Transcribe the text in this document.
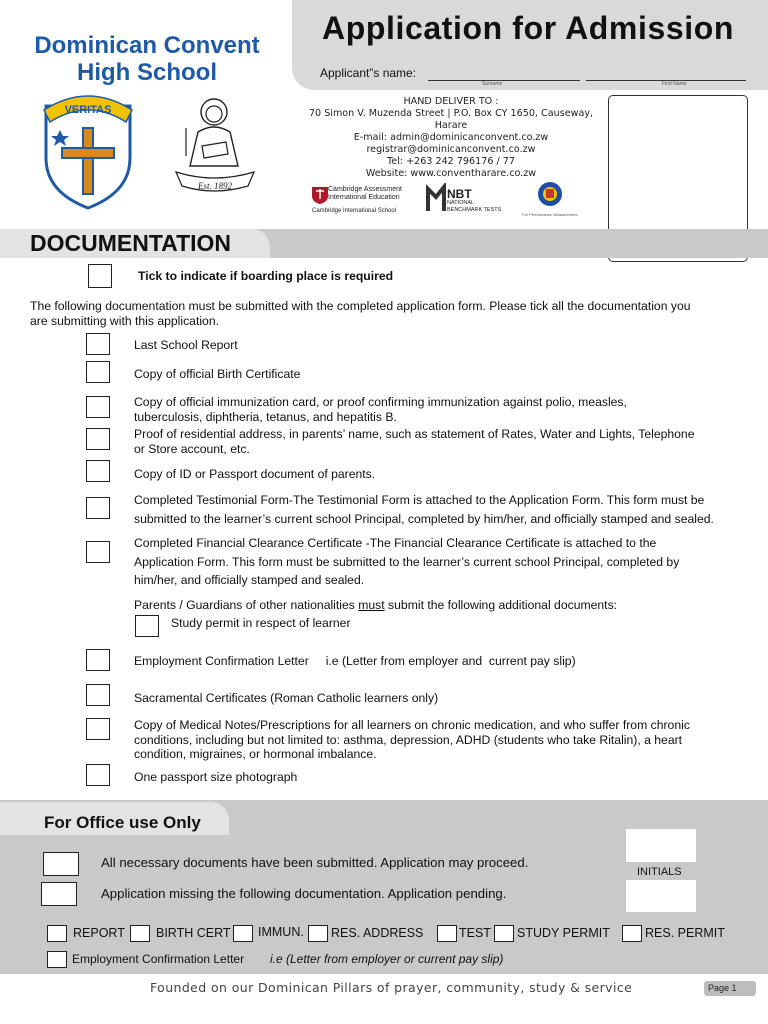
Application for Admission
Applicant”s name:
Surname	First Name
Dominican Convent
High School
VERITAS
Est. 1892
HAND DELIVER TO :
70 Simon V. Muzenda Street | P.O. Box CY 1650, Causeway,
Harare
E-mail: admin@dominicanconvent.co.zw
registrar@dominicanconvent.co.zw
Tel: +263 242 796176 / 77
Website: www.conventharare.co.zw
Cambridge Assessment
International Education
Cambridge International School
NBT
NATIONAL
BENCHMARK TESTS
For Performance Measurement
DOCUMENTATION
Tick to indicate if boarding place is required
The following documentation must be submitted with the completed application form. Please tick all the documentation you
are submitting with this application.
Last School Report
Copy of official Birth Certificate
Copy of official immunization card, or proof confirming immunization against polio, measles,
tuberculosis, diphtheria, tetanus, and hepatitis B.
Proof of residential address, in parents’ name, such as statement of Rates, Water and Lights, Telephone
or Store account, etc.
Copy of ID or Passport document of parents.
Completed Testimonial Form-The Testimonial Form is attached to the Application Form. This form must be
submitted to the learner’s current school Principal, completed by him/her, and officially stamped and sealed.
Completed Financial Clearance Certificate -The Financial Clearance Certificate is attached to the
Application Form. This form must be submitted to the learner’s current school Principal, completed by
him/her, and officially stamped and sealed.
Parents / Guardians of other nationalities must submit the following additional documents:
Study permit in respect of learner
Employment Confirmation Letter     i.e (Letter from employer and  current pay slip)
Sacramental Certificates (Roman Catholic learners only)
Copy of Medical Notes/Prescriptions for all learners on chronic medication, and who suffer from chronic
conditions, including but not limited to: asthma, depression, ADHD (students who take Ritalin), a heart
condition, migraines, or hormonal imbalance.
One passport size photograph
For Office use Only
INITIALS
All necessary documents have been submitted. Application may proceed.
Application missing the following documentation. Application pending.
REPORT BIRTH CERT IMMUN. RES. ADDRESS	TEST STUDY PERMIT	RES. PERMIT
Employment Confirmation Letter i.e (Letter from employer or current pay slip)
Founded on our Dominican Pillars of prayer, community, study & service	Page 1
